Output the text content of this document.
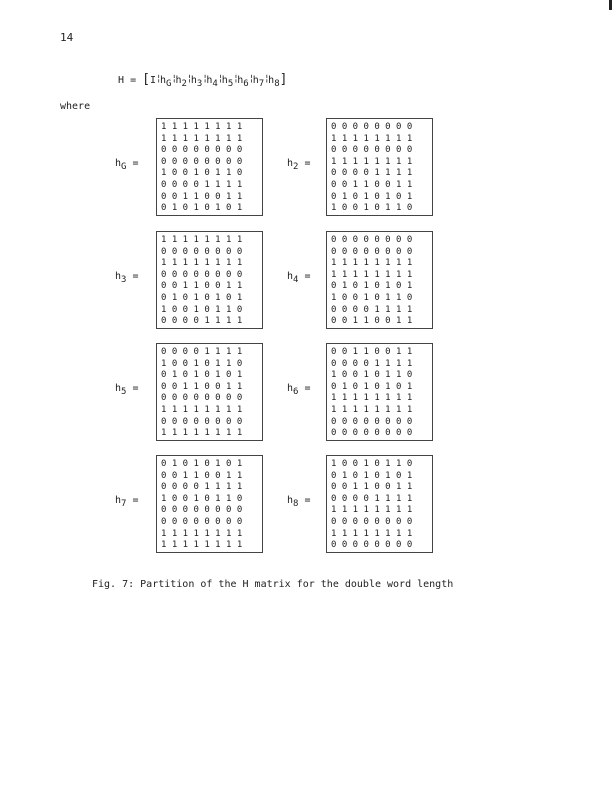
14
$H = [I¦h_G¦h_2¦h_3¦h_4¦h_5¦h_6¦h_7¦h_8]$
where
$h_G$ =
1 1 1 1 1 1 1 1
1 1 1 1 1 1 1 1
0 0 0 0 0 0 0 0
0 0 0 0 0 0 0 0
1 0 0 1 0 1 1 0
0 0 0 0 1 1 1 1
0 0 1 1 0 0 1 1
0 1 0 1 0 1 0 1
$h_2$ =
0 0 0 0 0 0 0 0
1 1 1 1 1 1 1 1
0 0 0 0 0 0 0 0
1 1 1 1 1 1 1 1
0 0 0 0 1 1 1 1
0 0 1 1 0 0 1 1
0 1 0 1 0 1 0 1
1 0 0 1 0 1 1 0
$h_3$ =
1 1 1 1 1 1 1 1
0 0 0 0 0 0 0 0
1 1 1 1 1 1 1 1
0 0 0 0 0 0 0 0
0 0 1 1 0 0 1 1
0 1 0 1 0 1 0 1
1 0 0 1 0 1 1 0
0 0 0 0 1 1 1 1
$h_4$ =
0 0 0 0 0 0 0 0
0 0 0 0 0 0 0 0
1 1 1 1 1 1 1 1
1 1 1 1 1 1 1 1
0 1 0 1 0 1 0 1
1 0 0 1 0 1 1 0
0 0 0 0 1 1 1 1
0 0 1 1 0 0 1 1
$h_5$ =
0 0 0 0 1 1 1 1
1 0 0 1 0 1 1 0
0 1 0 1 0 1 0 1
0 0 1 1 0 0 1 1
0 0 0 0 0 0 0 0
1 1 1 1 1 1 1 1
0 0 0 0 0 0 0 0
1 1 1 1 1 1 1 1
$h_6$ =
0 0 1 1 0 0 1 1
0 0 0 0 1 1 1 1
1 0 0 1 0 1 1 0
0 1 0 1 0 1 0 1
1 1 1 1 1 1 1 1
1 1 1 1 1 1 1 1
0 0 0 0 0 0 0 0
0 0 0 0 0 0 0 0
$h_7$ =
0 1 0 1 0 1 0 1
0 0 1 1 0 0 1 1
0 0 0 0 1 1 1 1
1 0 0 1 0 1 1 0
0 0 0 0 0 0 0 0
0 0 0 0 0 0 0 0
1 1 1 1 1 1 1 1
1 1 1 1 1 1 1 1
$h_8$ =
1 0 0 1 0 1 1 0
0 1 0 1 0 1 0 1
0 0 1 1 0 0 1 1
0 0 0 0 1 1 1 1
1 1 1 1 1 1 1 1
0 0 0 0 0 0 0 0
1 1 1 1 1 1 1 1
0 0 0 0 0 0 0 0
Fig. 7: Partition of the H matrix for the double word length
